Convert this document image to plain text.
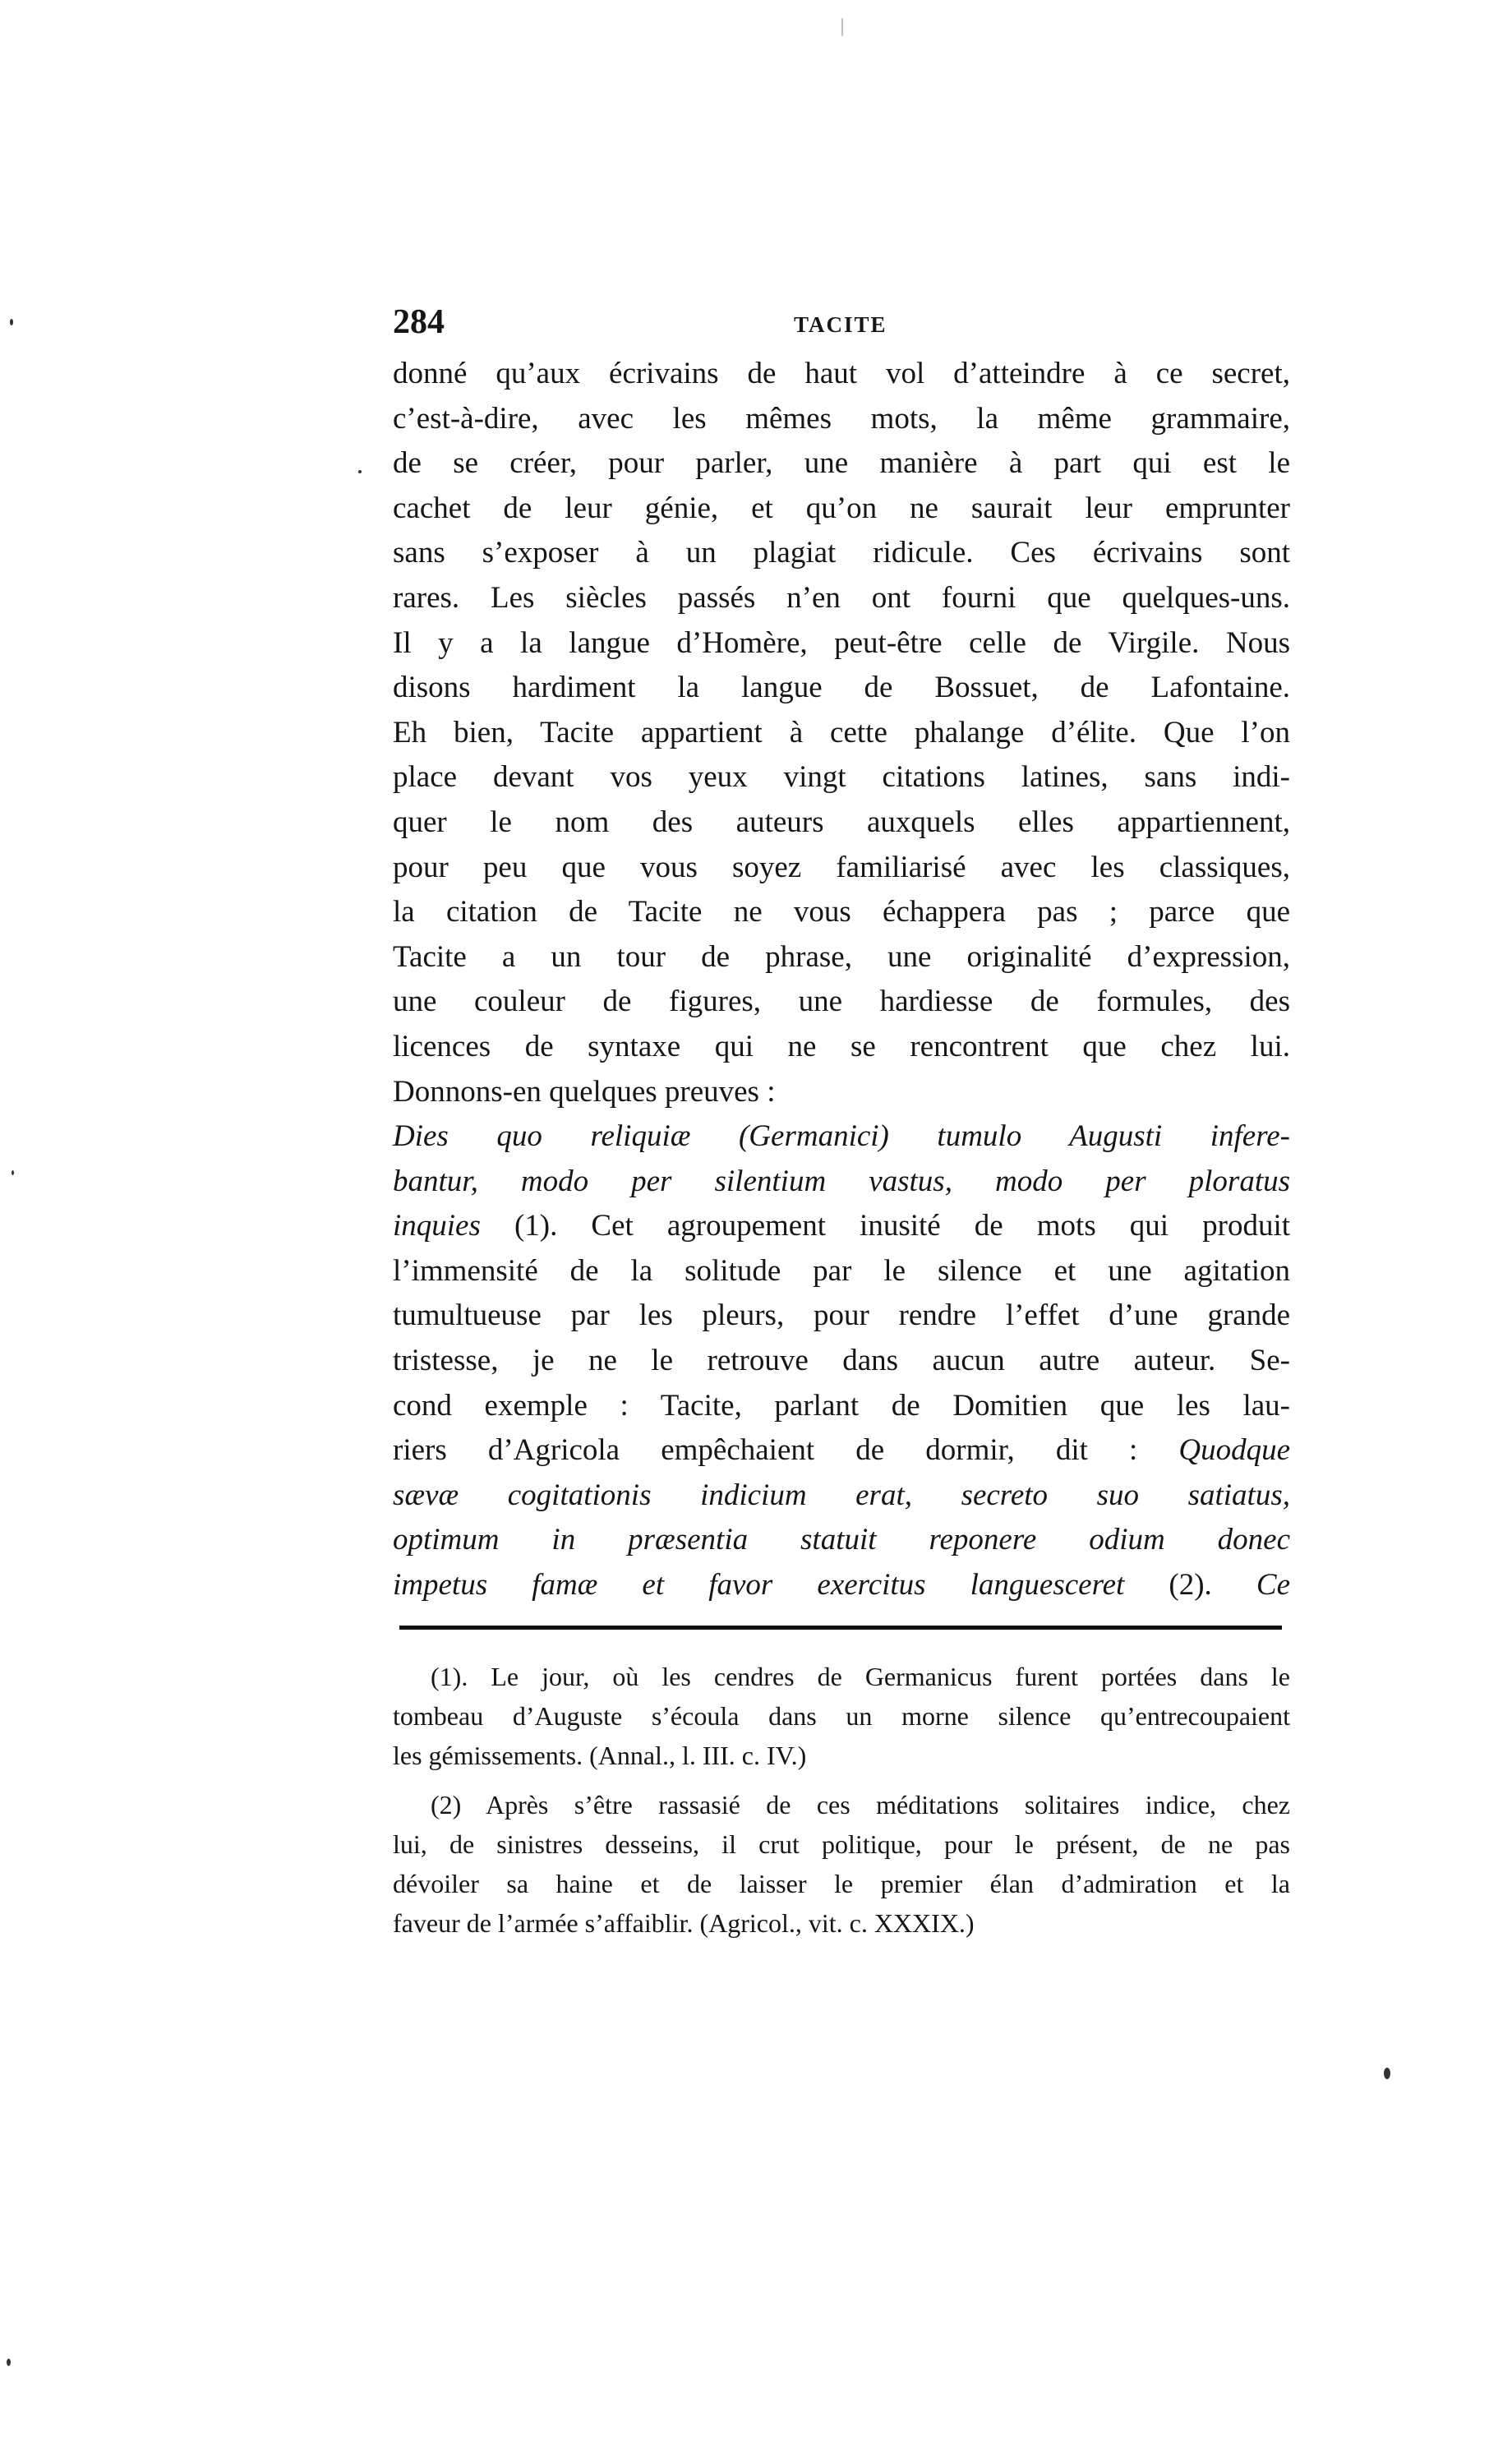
284	TACITE
donné qu’aux écrivains de haut vol d’atteindre à ce secret,
c’est-à-dire, avec les mêmes mots, la même grammaire,
de se créer, pour parler, une manière à part qui est le
cachet de leur génie, et qu’on ne saurait leur emprunter
sans s’exposer à un plagiat ridicule. Ces écrivains sont
rares. Les siècles passés n’en ont fourni que quelques-uns.
Il y a la langue d’Homère, peut-être celle de Virgile. Nous
disons hardiment la langue de Bossuet, de Lafontaine.
Eh bien, Tacite appartient à cette phalange d’élite. Que l’on
place devant vos yeux vingt citations latines, sans indi-
quer le nom des auteurs auxquels elles appartiennent,
pour peu que vous soyez familiarisé avec les classiques,
la citation de Tacite ne vous échappera pas ; parce que
Tacite a un tour de phrase, une originalité d’expression,
une couleur de figures, une hardiesse de formules, des
licences de syntaxe qui ne se rencontrent que chez lui.
Donnons-en quelques preuves :
Dies quo reliquiæ (Germanici) tumulo Augusti infere-
bantur, modo per silentium vastus, modo per ploratus
inquies (1). Cet agroupement inusité de mots qui produit
l’immensité de la solitude par le silence et une agitation
tumultueuse par les pleurs, pour rendre l’effet d’une grande
tristesse, je ne le retrouve dans aucun autre auteur. Se-
cond exemple : Tacite, parlant de Domitien que les lau-
riers d’Agricola empêchaient de dormir, dit : Quodque
sævæ cogitationis indicium erat, secreto suo satiatus,
optimum in præsentia statuit reponere odium donec
impetus famæ et favor exercitus languesceret (2). Ce
(1). Le jour, où les cendres de Germanicus furent portées dans le
tombeau d’Auguste s’écoula dans un morne silence qu’entrecoupaient
les gémissements. (Annal., l. III. c. IV.)
(2) Après s’être rassasié de ces méditations solitaires indice, chez
lui, de sinistres desseins, il crut politique, pour le présent, de ne pas
dévoiler sa haine et de laisser le premier élan d’admiration et la
faveur de l’armée s’affaiblir. (Agricol., vit. c. XXXIX.)
